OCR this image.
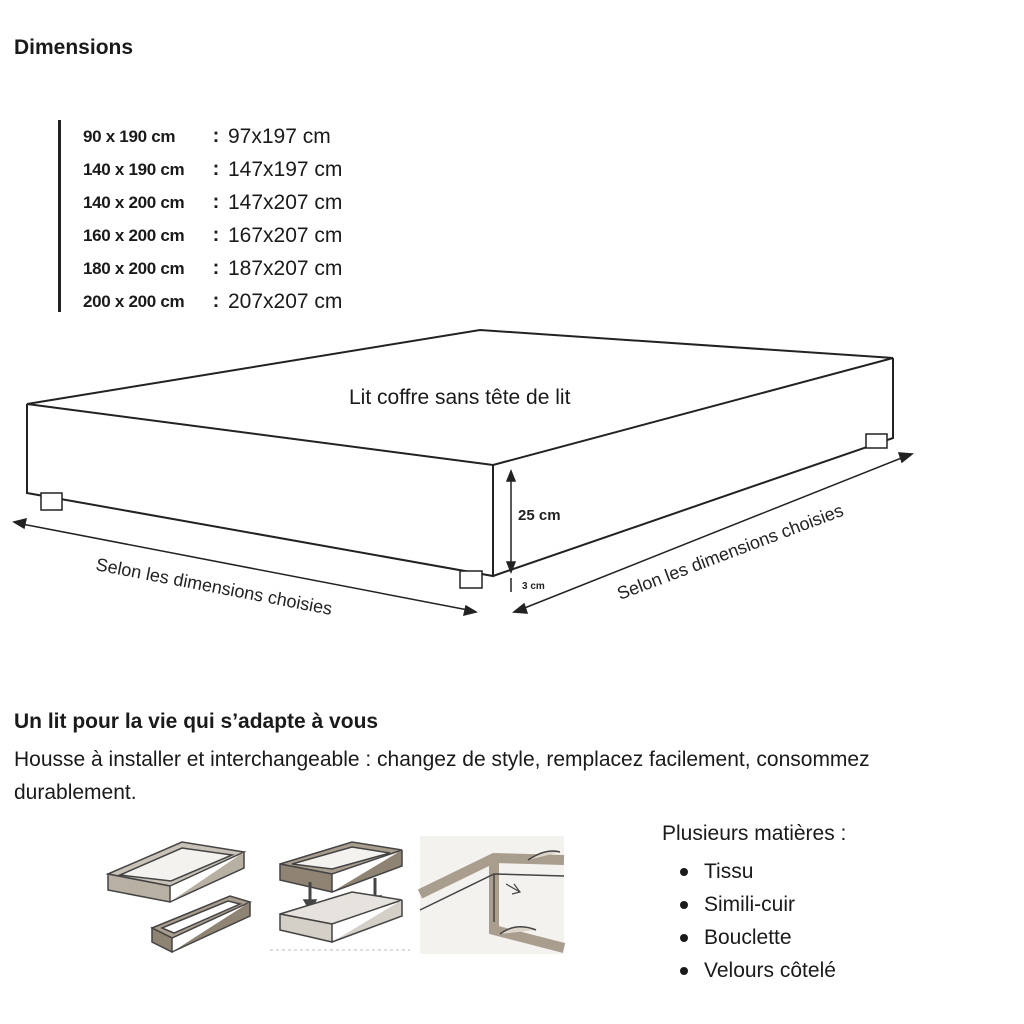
Dimensions
90 x 190 cm	: 97x197 cm
140 x 190 cm	: 147x197 cm
140 x 200 cm	: 147x207 cm
160 x 200 cm	: 167x207 cm
180 x 200 cm	: 187x207 cm
200 x 200 cm	: 207x207 cm
25 cm
3 cm
Selon les dimensions choisies	Selon les dimensions choisies
Lit coffre sans tête de lit
Un lit pour la vie qui s’adapte à vous
Housse à installer et interchangeable : changez de style, remplacez facilement, consommez durablement.
Plusieurs matières :
Tissu
Simili-cuir
Bouclette
Velours côtelé
